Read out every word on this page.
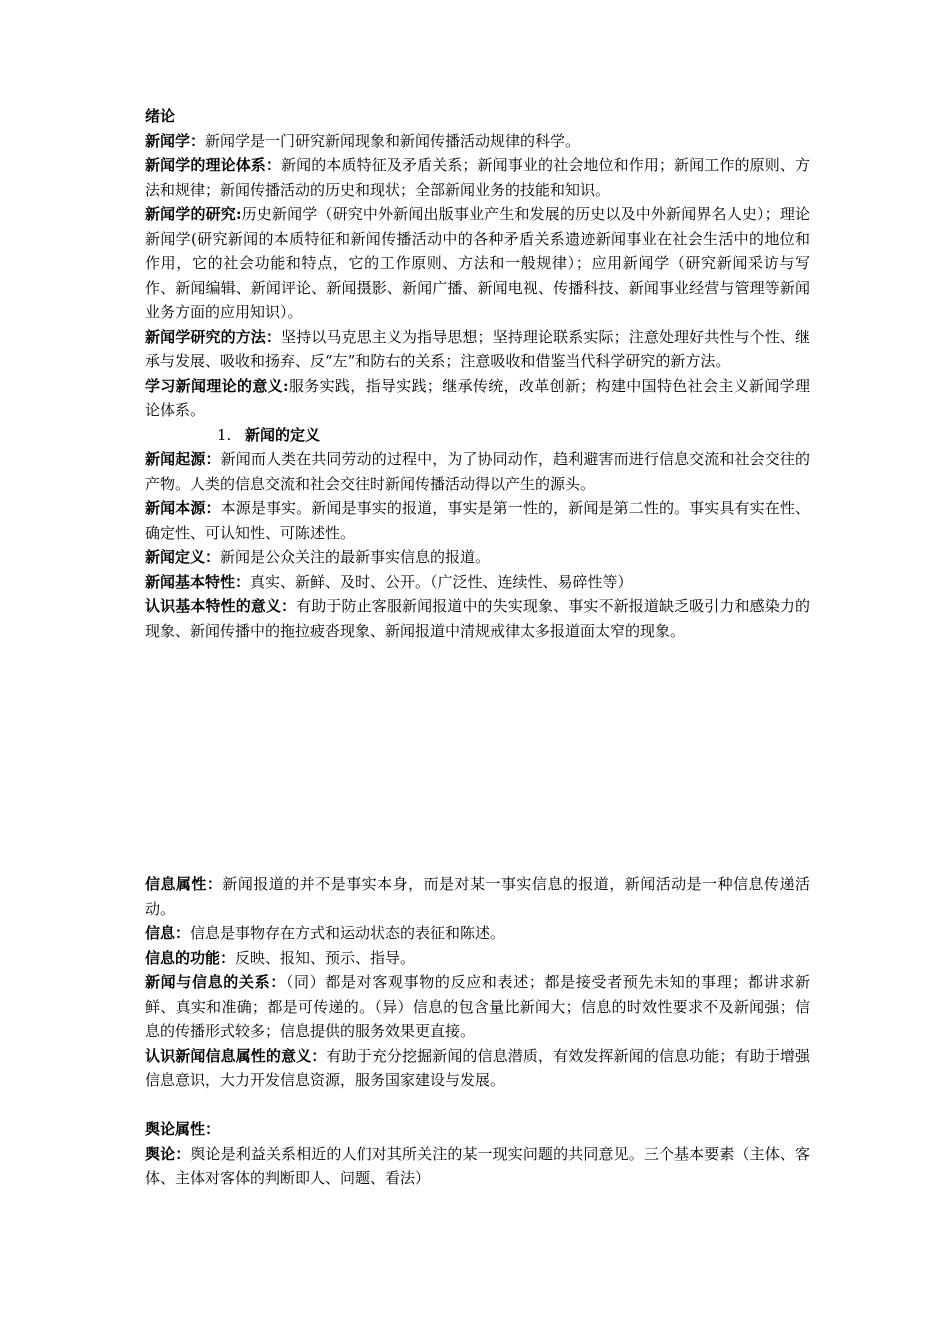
绪论

新闻学：新闻学是一门研究新闻现象和新闻传播活动规律的科学。

新闻学的理论体系：新闻的本质特征及矛盾关系；新闻事业的社会地位和作用；新闻工作的原则、方法和规律；新闻传播活动的历史和现状；全部新闻业务的技能和知识。

新闻学的研究:历史新闻学（研究中外新闻出版事业产生和发展的历史以及中外新闻界名人史）；理论新闻学(研究新闻的本质特征和新闻传播活动中的各种矛盾关系遗迹新闻事业在社会生活中的地位和作用，它的社会功能和特点，它的工作原则、方法和一般规律）；应用新闻学（研究新闻采访与写作、新闻编辑、新闻评论、新闻摄影、新闻广播、新闻电视、传播科技、新闻事业经营与管理等新闻业务方面的应用知识）。

新闻学研究的方法：坚持以马克思主义为指导思想；坚持理论联系实际；注意处理好共性与个性、继承与发展、吸收和扬弃、反“左”和防右的关系；注意吸收和借鉴当代科学研究的新方法。

学习新闻理论的意义:服务实践，指导实践；继承传统，改革创新；构建中国特色社会主义新闻学理论体系。

1. 新闻的定义

新闻起源：新闻而人类在共同劳动的过程中，为了协同动作，趋利避害而进行信息交流和社会交往的产物。人类的信息交流和社会交往时新闻传播活动得以产生的源头。

新闻本源：本源是事实。新闻是事实的报道，事实是第一性的，新闻是第二性的。事实具有实在性、确定性、可认知性、可陈述性。

新闻定义：新闻是公众关注的最新事实信息的报道。

新闻基本特性：真实、新鲜、及时、公开。（广泛性、连续性、易碎性等）

认识基本特性的意义：有助于防止客服新闻报道中的失实现象、事实不新报道缺乏吸引力和感染力的现象、新闻传播中的拖拉疲沓现象、新闻报道中清规戒律太多报道面太窄的现象。

信息属性：新闻报道的并不是事实本身，而是对某一事实信息的报道，新闻活动是一种信息传递活动。

信息：信息是事物存在方式和运动状态的表征和陈述。

信息的功能：反映、报知、预示、指导。

新闻与信息的关系：（同）都是对客观事物的反应和表述；都是接受者预先未知的事理；都讲求新鲜、真实和准确；都是可传递的。（异）信息的包含量比新闻大；信息的时效性要求不及新闻强；信息的传播形式较多；信息提供的服务效果更直接。

认识新闻信息属性的意义：有助于充分挖掘新闻的信息潜质，有效发挥新闻的信息功能；有助于增强信息意识，大力开发信息资源，服务国家建设与发展。

舆论属性：

舆论：舆论是利益关系相近的人们对其所关注的某一现实问题的共同意见。三个基本要素（主体、客体、主体对客体的判断即人、问题、看法）
